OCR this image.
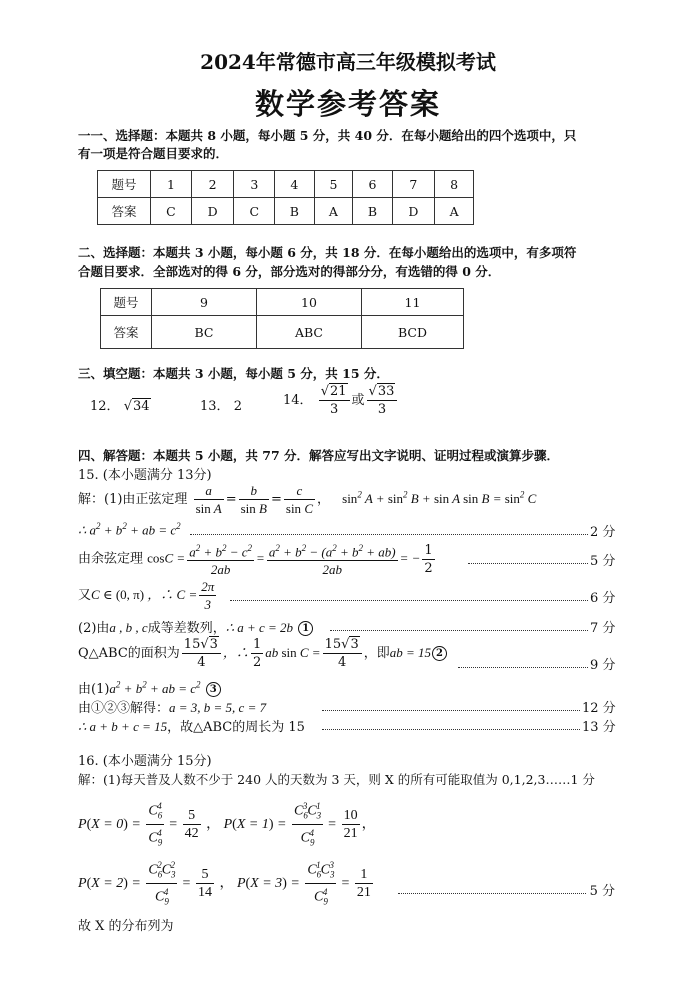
2024年常德市高三年级模拟考试
数学参考答案
一一、选择题：本题共 8 小题，每小题 5 分，共 40 分．在每小题给出的四个选项中，只
有一项是符合题目要求的．
题号	1	2	3	4	5	6	7	8
答案	C	D	C	B	A	B	D	A
二、选择题：本题共 3 小题，每小题 6 分，共 18 分．在每小题给出的选项中，有多项符
合题目要求．全部选对的得 6 分，部分选对的得部分分，有选错的得 0 分．
题号	9	10	11
答案	BC	ABC	BCD
三、填空题：本题共 3 小题，每小题 5 分，共 15 分．
12． √34	13． 2	14． $\frac{√21}{3}$ 或 $\frac{√33}{3}$
四、解答题：本题共 5 小题，共 77 分．解答应写出文字说明、证明过程或演算步骤．
15. (本小题满分 13分)
解：(1)由正弦定理 $\frac{a}{\text{sin A}} = \frac{b}{\text{sin B}} = \frac{c}{\text{sin C}}$ ， $\sin^2 A + \sin^2 B + \sin A$ $\sin B = \sin^2 C$
∴ $a^2 + b^2$ + ab = $c^2$	2 分
由余弦定理 $\cos C = \frac{a^2 + b^2 - c^2}{2ab} = \frac{a^2 + b^2 - (a^2 + b^2 + ab)}{2ab}$ = − $\frac{1}{2}$	5 分
又C ∈ (0, π) ，∴ $C = \frac{2\pi}{3}$	6 分
(2)由a , b , c成等差数列，∴ a + c = 2b 1	7 分
Q△ABC的面积为 $\frac{15√3}{4}$ ，∴ $\frac{1}{2}$ ab $\sin C = \frac{15√3}{4}$ ，即ab = 15 2
9 分
由$(1)a^2 + b^2$ + ab = $c^2$ 3
由①②③解得：a = 3, b = 5, c = 7	12 分
∴ a + b + c = 15，故△ABC的周长为 15	13 分
16. (本小题满分 15分)
解：(1)每天普及人数不少于 240 人的天数为 3 天，则 X 的所有可能取值为 0,1,2,3……1 分
$P(X = 0) = \frac{C_6^4}{C_9^4} = \frac{5}{42}$ ， $P(X = 1) = \frac{C_6^3C_3^1}{C_9^4} = \frac{10}{21}$ ，
$P(X = 2) = \frac{C_6^2C_3^2}{C_9^4} = \frac{5}{14}$ ， $P(X = 3) = \frac{C_6^1C_3^3}{C_9^4} = \frac{1}{21}$	5 分
故 X 的分布列为
